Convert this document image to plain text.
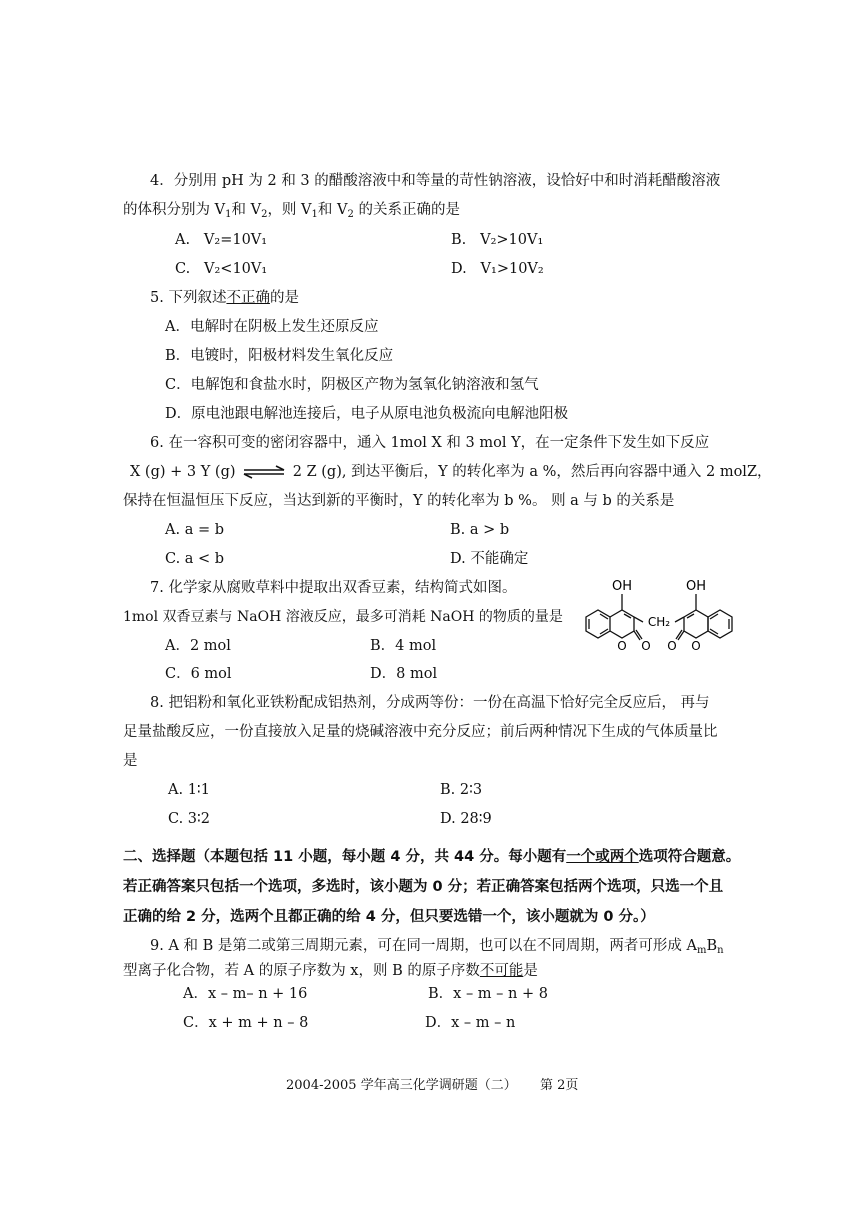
4．分别用 pH 为 2 和 3 的醋酸溶液中和等量的苛性钠溶液，设恰好中和时消耗醋酸溶液
的体积分别为 $V_1$和 $V_2$，则 $V_1$和 $V_2$ 的关系正确的是
A. V₂=10V₁	B. V₂>10V₁
C. V₂<10V₁	D. V₁>10V₂
5. 下列叙述不正确的是
A．电解时在阴极上发生还原反应
B．电镀时，阳极材料发生氧化反应
C．电解饱和食盐水时，阴极区产物为氢氧化钠溶液和氢气
D．原电池跟电解池连接后，电子从原电池负极流向电解池阳极
6. 在一容积可变的密闭容器中，通入 1mol X 和 3 mol Y，在一定条件下发生如下反应
X (g) + 3 Y (g) ⇌ 2 Z (g), 到达平衡后，Y 的转化率为 a %，然后再向容器中通入 2 molZ，
保持在恒温恒压下反应，当达到新的平衡时，Y 的转化率为 b %。 则 a 与 b 的关系是
A. a = b	B. a > b
C. a < b	D. 不能确定
7. 化学家从腐败草料中提取出双香豆素，结构简式如图。
1mol 双香豆素与 NaOH 溶液反应，最多可消耗 NaOH 的物质的量是
A．2 mol	B．4 mol
C．6 mol	D．8 mol
OH	OH
CH₂
O O O O
8. 把铝粉和氧化亚铁粉配成铝热剂，分成两等份：一份在高温下恰好完全反应后， 再与
足量盐酸反应，一份直接放入足量的烧碱溶液中充分反应；前后两种情况下生成的气体质量比
是
A. 1∶1	B. 2∶3
C. 3∶2	D. 28∶9
二、选择题（本题包括 11 小题，每小题 4 分，共 44 分。每小题有一个或两个选项符合题意。
若正确答案只包括一个选项，多选时，该小题为 0 分；若正确答案包括两个选项，只选一个且
正确的给 2 分，选两个且都正确的给 4 分，但只要选错一个，该小题就为 0 分。）
9. A 和 B 是第二或第三周期元素，可在同一周期，也可以在不同周期，两者可形成 $A_mB_n$
型离子化合物，若 A 的原子序数为 x，则 B 的原子序数不可能是
A．x – m– n + 16	B．x – m – n + 8
C．x + m + n – 8	D．x – m – n
2004-2005 学年高三化学调研题（二） 第 2页
